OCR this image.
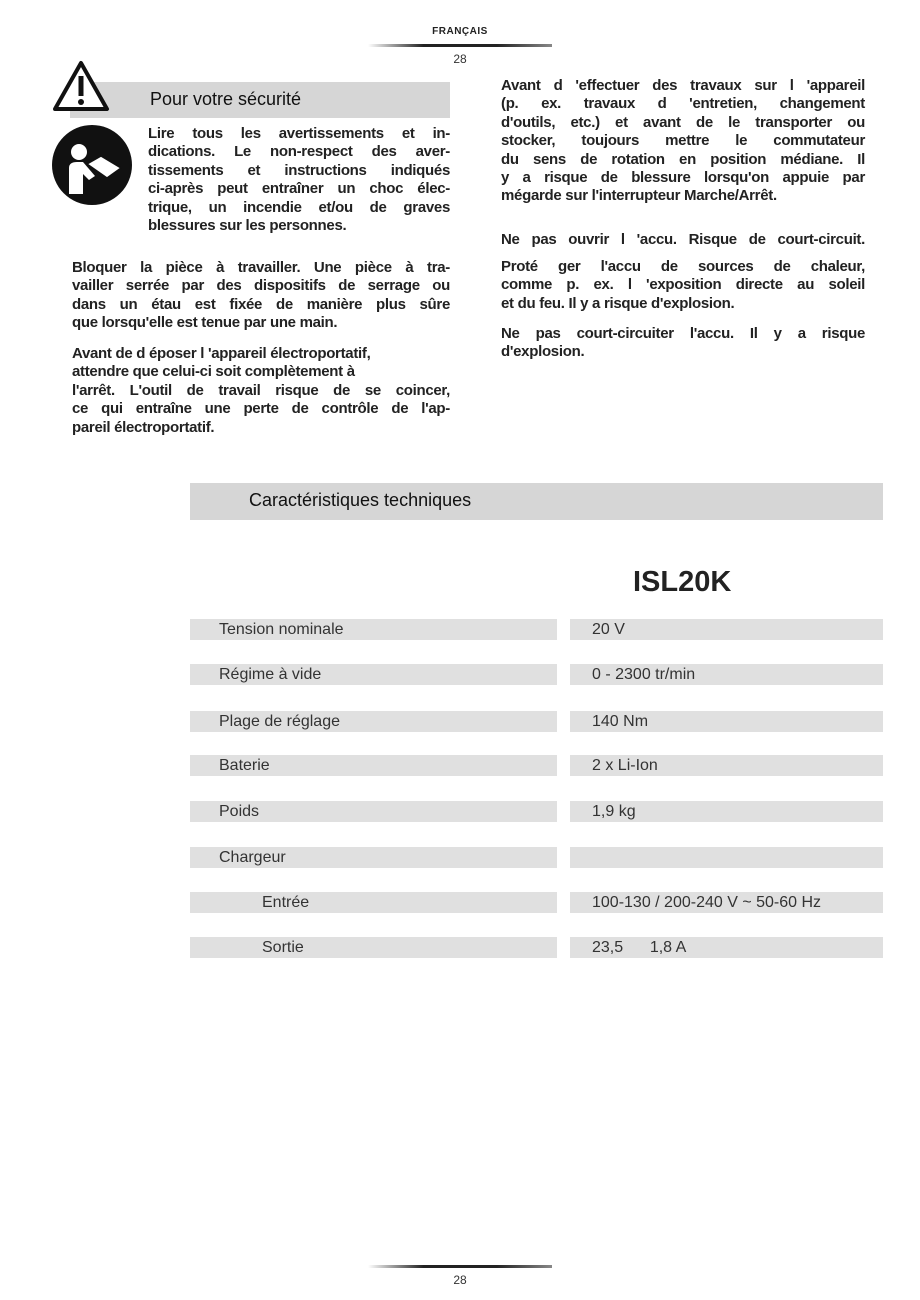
FRANÇAIS
28
Pour votre sécurité
Lire tous les avertissements et in-
dications. Le non-respect des aver-
tissements et instructions indiqués
ci-après peut entraîner un choc élec-
trique, un incendie et/ou de graves
blessures sur les personnes.
Bloquer la pièce à travailler. Une pièce à tra-
vailler serrée par des dispositifs de serrage ou
dans un étau est fixée de manière plus sûre
que lorsqu'elle est tenue par une main.
Avant de d époser l 'appareil électroportatif,
attendre que celui-ci soit complètement à
l'arrêt. L'outil de travail risque de se coincer,
ce qui entraîne une perte de contrôle de l'ap-
pareil électroportatif.
Avant d 'effectuer des travaux sur l 'appareil
(p. ex. travaux d 'entretien, changement
d'outils, etc.) et avant de le transporter ou
stocker, toujours mettre le commutateur
du sens de rotation en position médiane. Il
y a risque de blessure lorsqu'on appuie par
mégarde sur l'interrupteur Marche/Arrêt.
Ne pas ouvrir l 'accu. Risque de court-circuit.
Proté ger l'accu de sources de chaleur,
comme p. ex. l 'exposition directe au soleil
et du feu. Il y a risque d'explosion.
Ne pas court-circuiter l'accu. Il y a risque
d'explosion.
Caractéristiques techniques
ISL20K
Tension nominale	20 V
Régime à vide	0 - 2300 tr/min
Plage de réglage	140 Nm
Baterie	2 x Li-Ion
Poids	1,9 kg
Chargeur
Entrée	100-130 / 200-240 V ~ 50-60 Hz
Sortie	23,5      1,8 A
28
